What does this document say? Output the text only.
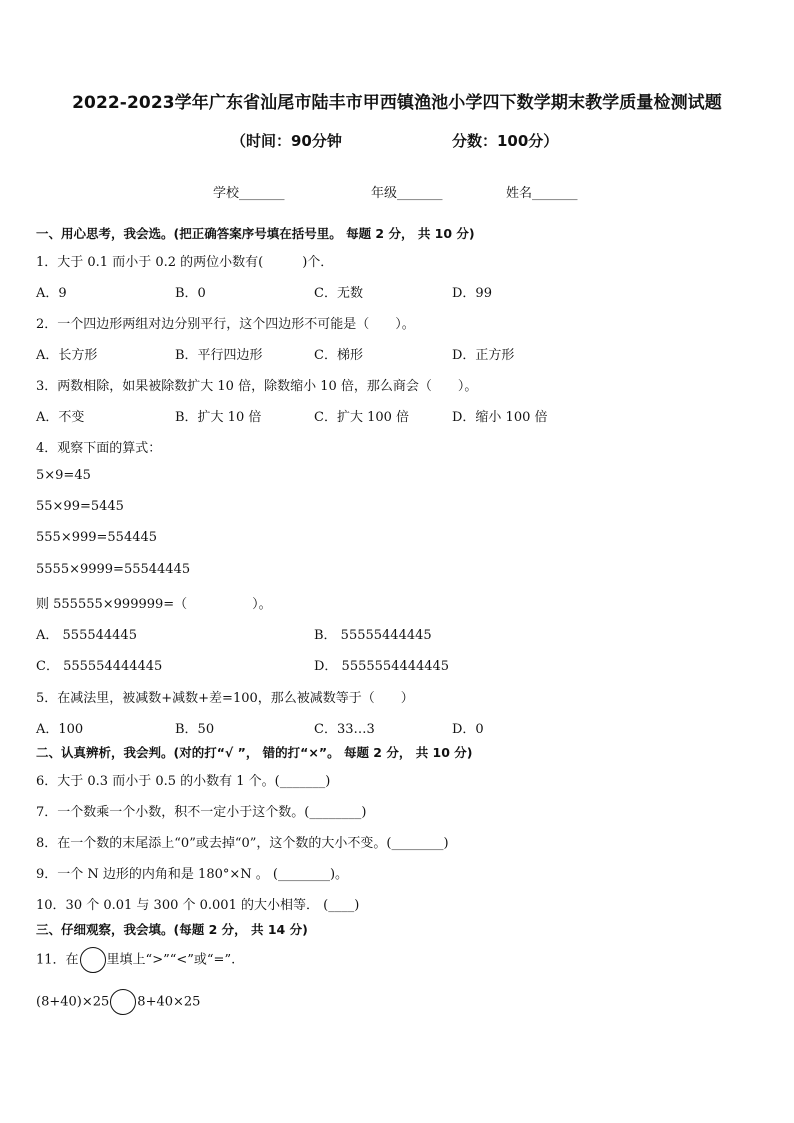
2022-2023学年广东省汕尾市陆丰市甲西镇渔池小学四下数学期末教学质量检测试题
（时间：90分钟	分数：100分）
学校_______	年级_______	姓名_______
一、用心思考，我会选。(把正确答案序号填在括号里。 每题 2 分， 共 10 分)
1．大于 0.1 而小于 0.2 的两位小数有(　　　)个．
A．9	B．0	C．无数	D．99
2．一个四边形两组对边分别平行，这个四边形不可能是（　　）。
A．长方形	B．平行四边形	C．梯形	D．正方形
3．两数相除，如果被除数扩大 10 倍，除数缩小 10 倍，那么商会（　　）。
A．不变	B．扩大 10 倍	C．扩大 100 倍	D．缩小 100 倍
4．观察下面的算式：
5×9=45
55×99=5445
555×999=554445
5555×9999=55544445
则 555555×999999=（　　　　　）。
A． 555544445	B． 55555444445
C． 555554444445	D． 5555554444445
5．在减法里，被减数+减数+差=100，那么被减数等于（　　）
A．100	B．50	C．33…3	D．0
二、认真辨析，我会判。(对的打“√ ”， 错的打“×”。 每题 2 分， 共 10 分)
6．大于 0.3 而小于 0.5 的小数有 1 个。(_______)
7．一个数乘一个小数，积不一定小于这个数。(________)
8．在一个数的末尾添上“0”或去掉“0”，这个数的大小不变。(________)
9．一个 N 边形的内角和是 180°×N 。 (________)。
10．30 个 0.01 与 300 个 0.001 的大小相等． (____)
三、仔细观察，我会填。(每题 2 分， 共 14 分)
11．在 里填上“>”“<”或“=”.
(8+40)×25 8+40×25
